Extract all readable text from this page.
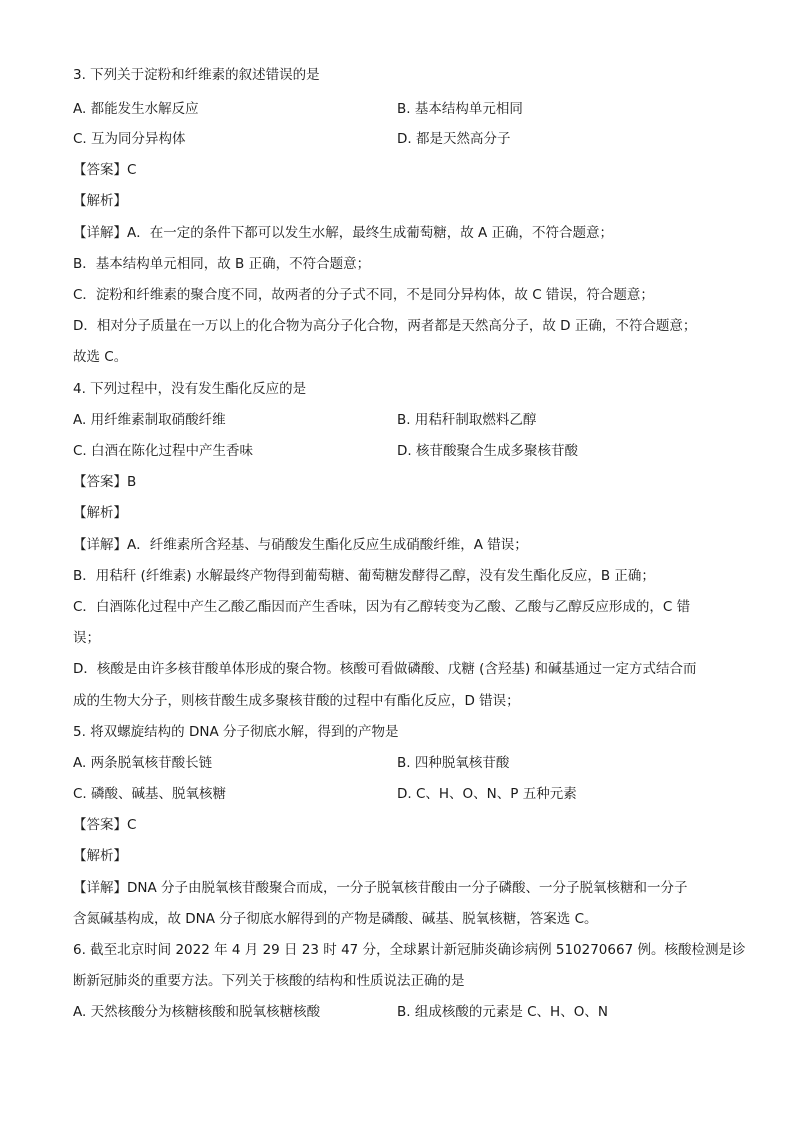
3. 下列关于淀粉和纤维素的叙述错误的是
A. 都能发生水解反应	B. 基本结构单元相同
C. 互为同分异构体	D. 都是天然高分子
【答案】C
【解析】
【详解】A．在一定的条件下都可以发生水解，最终生成葡萄糖，故 A 正确，不符合题意；
B．基本结构单元相同，故 B 正确，不符合题意；
C．淀粉和纤维素的聚合度不同，故两者的分子式不同，不是同分异构体，故 C 错误，符合题意；
D．相对分子质量在一万以上的化合物为高分子化合物，两者都是天然高分子，故 D 正确，不符合题意；
故选 C。
4. 下列过程中，没有发生酯化反应的是
A. 用纤维素制取硝酸纤维	B. 用秸秆制取燃料乙醇
C. 白酒在陈化过程中产生香味	D. 核苷酸聚合生成多聚核苷酸
【答案】B
【解析】
【详解】A．纤维素所含羟基、与硝酸发生酯化反应生成硝酸纤维，A 错误；
B．用秸秆 (纤维素) 水解最终产物得到葡萄糖、葡萄糖发酵得乙醇，没有发生酯化反应，B 正确；
C．白酒陈化过程中产生乙酸乙酯因而产生香味，因为有乙醇转变为乙酸、乙酸与乙醇反应形成的，C 错
误；
D．核酸是由许多核苷酸单体形成的聚合物。核酸可看做磷酸、戊糖 (含羟基) 和碱基通过一定方式结合而
成的生物大分子，则核苷酸生成多聚核苷酸的过程中有酯化反应，D 错误；
5. 将双螺旋结构的 DNA 分子彻底水解，得到的产物是
A. 两条脱氧核苷酸长链	B. 四种脱氧核苷酸
C. 磷酸、碱基、脱氧核糖	D. C、H、O、N、P 五种元素
【答案】C
【解析】
【详解】DNA 分子由脱氧核苷酸聚合而成，一分子脱氧核苷酸由一分子磷酸、一分子脱氧核糖和一分子
含氮碱基构成，故 DNA 分子彻底水解得到的产物是磷酸、碱基、脱氧核糖，答案选 C。
6. 截至北京时间 2022 年 4 月 29 日 23 时 47 分，全球累计新冠肺炎确诊病例 510270667 例。核酸检测是诊
断新冠肺炎的重要方法。下列关于核酸的结构和性质说法正确的是
A. 天然核酸分为核糖核酸和脱氧核糖核酸	B. 组成核酸的元素是 C、H、O、N
